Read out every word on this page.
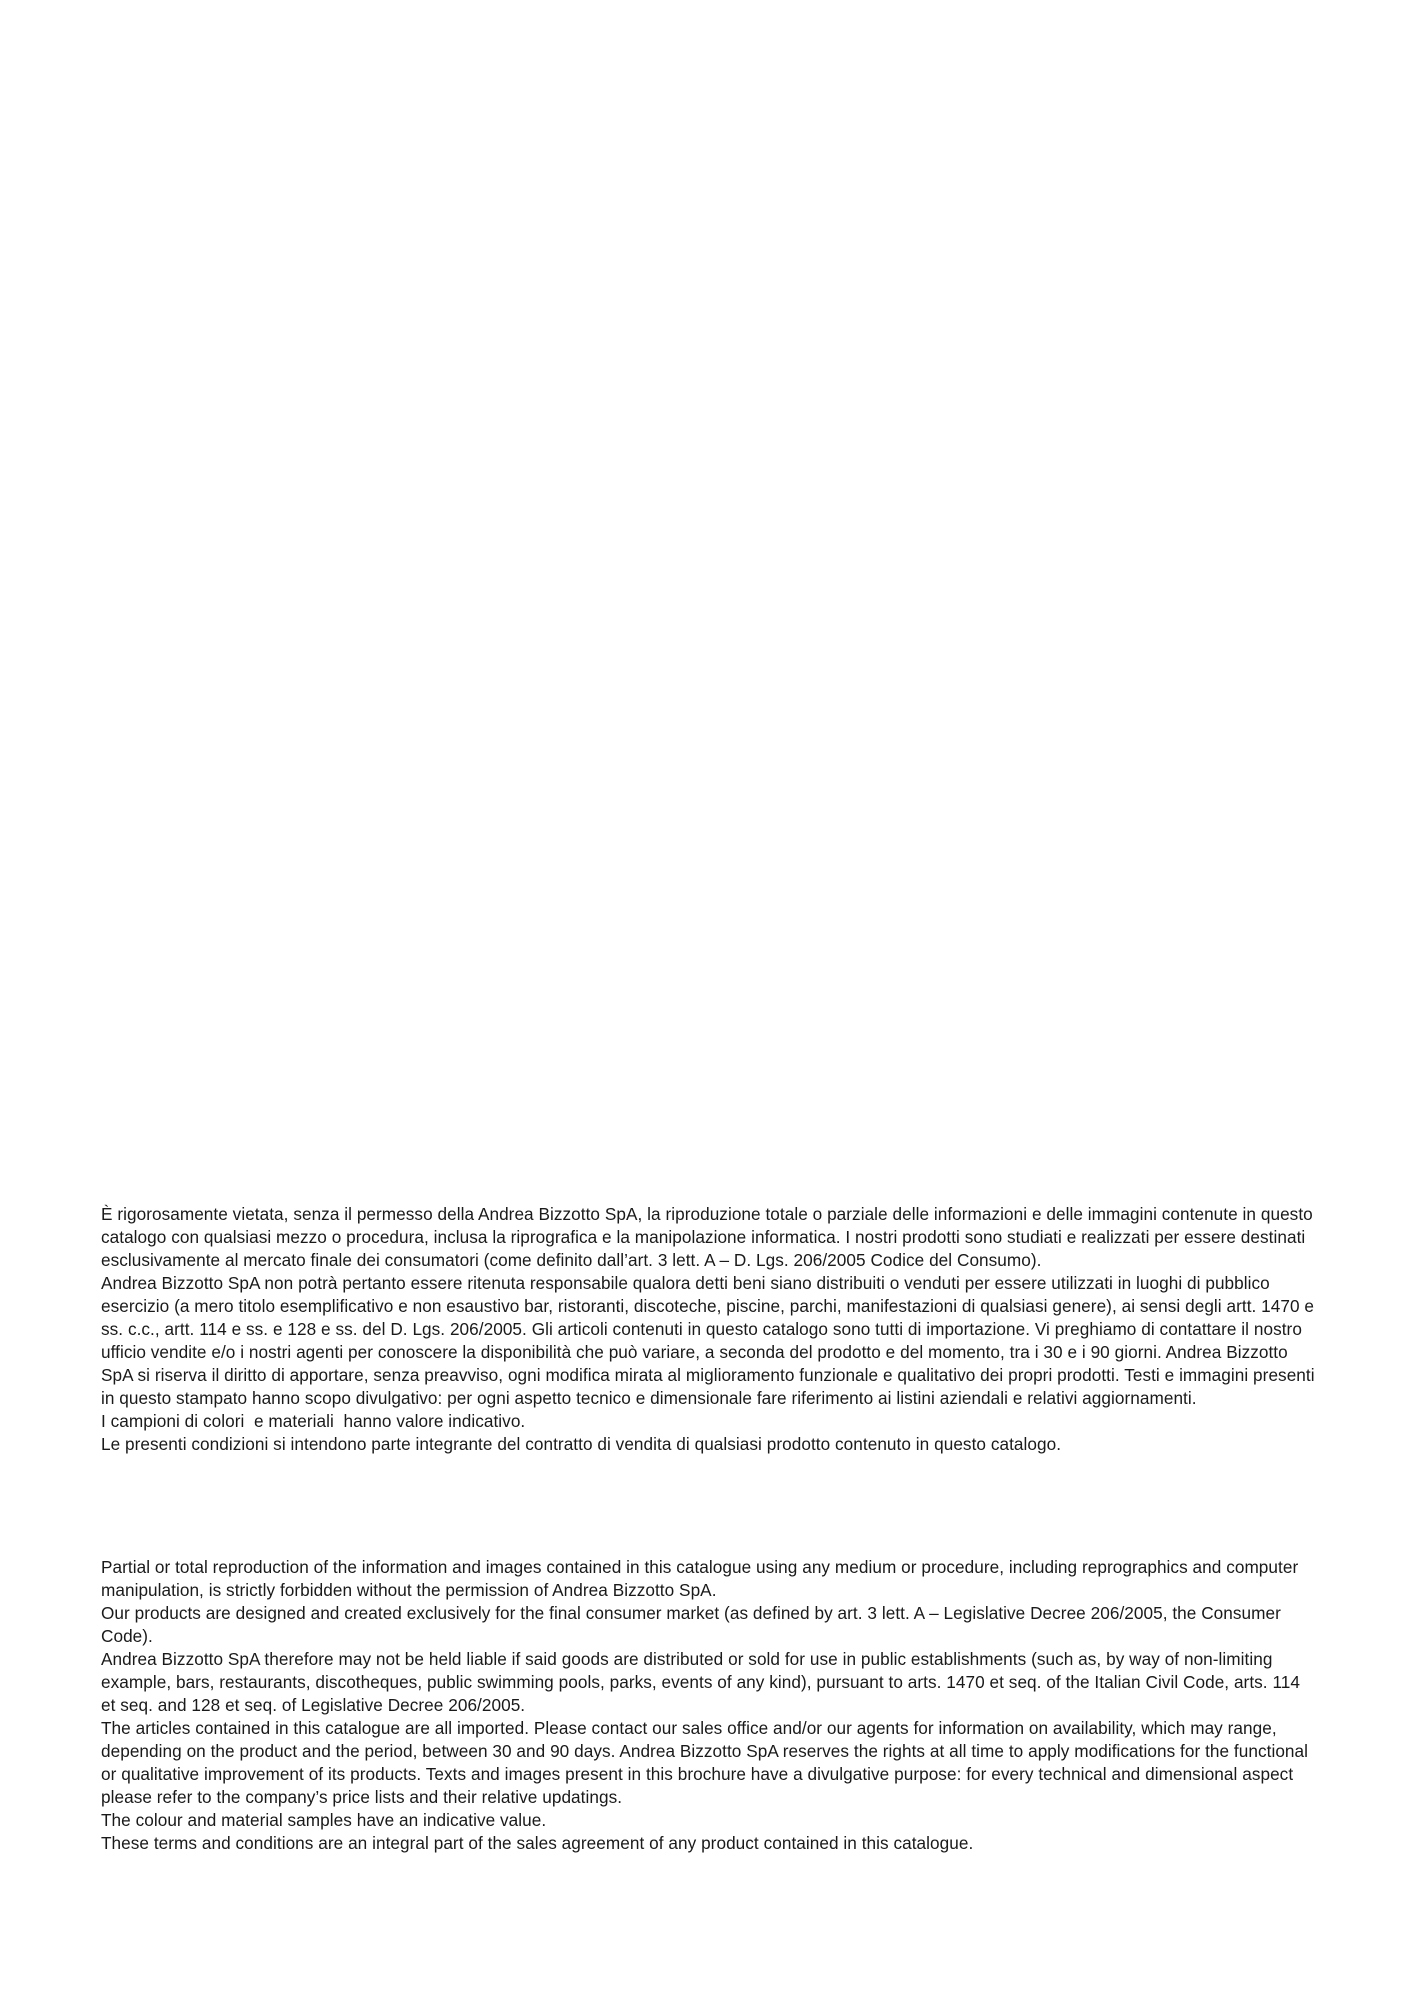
È rigorosamente vietata, senza il permesso della Andrea Bizzotto SpA, la riproduzione totale o parziale delle informazioni e delle immagini contenute in questo catalogo con qualsiasi mezzo o procedura, inclusa la riprografica e la manipolazione informatica. I nostri prodotti sono studiati e realizzati per essere destinati esclusivamente al mercato finale dei consumatori (come definito dall’art. 3 lett. A – D. Lgs. 206/2005 Codice del Consumo).

Andrea Bizzotto SpA non potrà pertanto essere ritenuta responsabile qualora detti beni siano distribuiti o venduti per essere utilizzati in luoghi di pubblico esercizio (a mero titolo esemplificativo e non esaustivo bar, ristoranti, discoteche, piscine, parchi, manifestazioni di qualsiasi genere), ai sensi degli artt. 1470 e ss. c.c., artt. 114 e ss. e 128 e ss. del D. Lgs. 206/2005. Gli articoli contenuti in questo catalogo sono tutti di importazione. Vi preghiamo di contattare il nostro ufficio vendite e/o i nostri agenti per conoscere la disponibilità che può variare, a seconda del prodotto e del momento, tra i 30 e i 90 giorni. Andrea Bizzotto SpA si riserva il diritto di apportare, senza preavviso, ogni modifica mirata al miglioramento funzionale e qualitativo dei propri prodotti. Testi e immagini presenti in questo stampato hanno scopo divulgativo: per ogni aspetto tecnico e dimensionale fare riferimento ai listini aziendali e relativi aggiornamenti.

I campioni di colori  e materiali  hanno valore indicativo.

Le presenti condizioni si intendono parte integrante del contratto di vendita di qualsiasi prodotto contenuto in questo catalogo.

Partial or total reproduction of the information and images contained in this catalogue using any medium or procedure, including reprographics and computer manipulation, is strictly forbidden without the permission of Andrea Bizzotto SpA.

Our products are designed and created exclusively for the final consumer market (as defined by art. 3 lett. A – Legislative Decree 206/2005, the Consumer Code).

Andrea Bizzotto SpA therefore may not be held liable if said goods are distributed or sold for use in public establishments (such as, by way of non-limiting example, bars, restaurants, discotheques, public swimming pools, parks, events of any kind), pursuant to arts. 1470 et seq. of the Italian Civil Code, arts. 114 et seq. and 128 et seq. of Legislative Decree 206/2005.

The articles contained in this catalogue are all imported. Please contact our sales office and/or our agents for information on availability, which may range, depending on the product and the period, between 30 and 90 days. Andrea Bizzotto SpA reserves the rights at all time to apply modifications for the functional or qualitative improvement of its products. Texts and images present in this brochure have a divulgative purpose: for every technical and dimensional aspect please refer to the company’s price lists and their relative updatings.

The colour and material samples have an indicative value.

These terms and conditions are an integral part of the sales agreement of any product contained in this catalogue.
